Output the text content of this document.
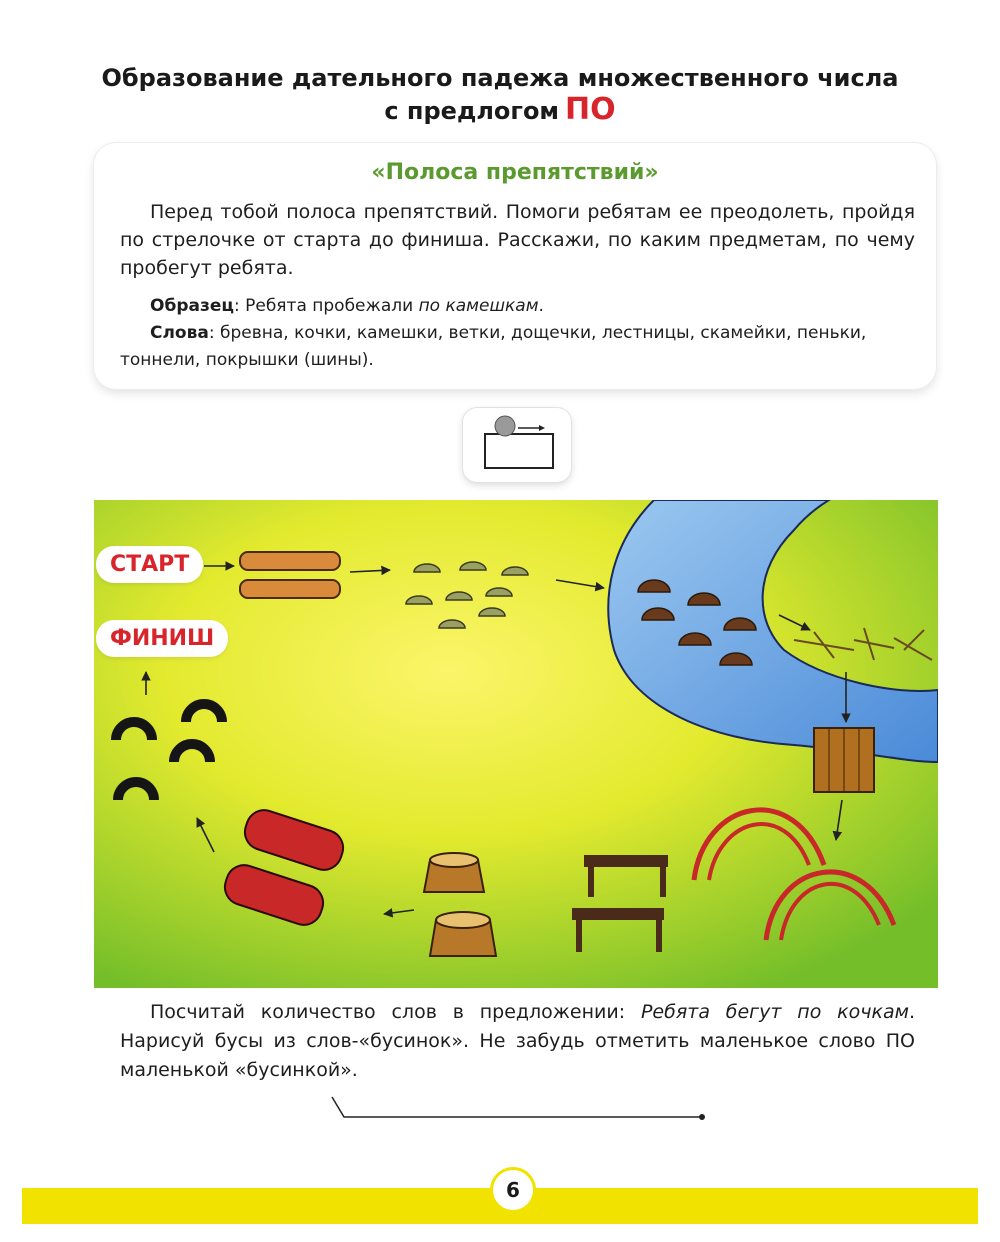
Образование дательного падежа множественного числа
с предлогом ПО
«Полоса препятствий»

Перед тобой полоса препятствий. Помоги ребятам ее преодолеть, пройдя по стрелочке от старта до финиша. Расскажи, по каким предметам, по чему пробегут ребята.

Образец: Ребята пробежали по камешкам.

Слова: бревна, кочки, камешки, ветки, дощечки, лестницы, скамейки, пеньки, тоннели, покрышки (шины).

СТАРТ
ФИНИШ

Посчитай количество слов в предложении: Ребята бегут по кочкам. Нарисуй бусы из слов-«бусинок». Не забудь отметить маленькое слово ПО маленькой «бусинкой».

6
